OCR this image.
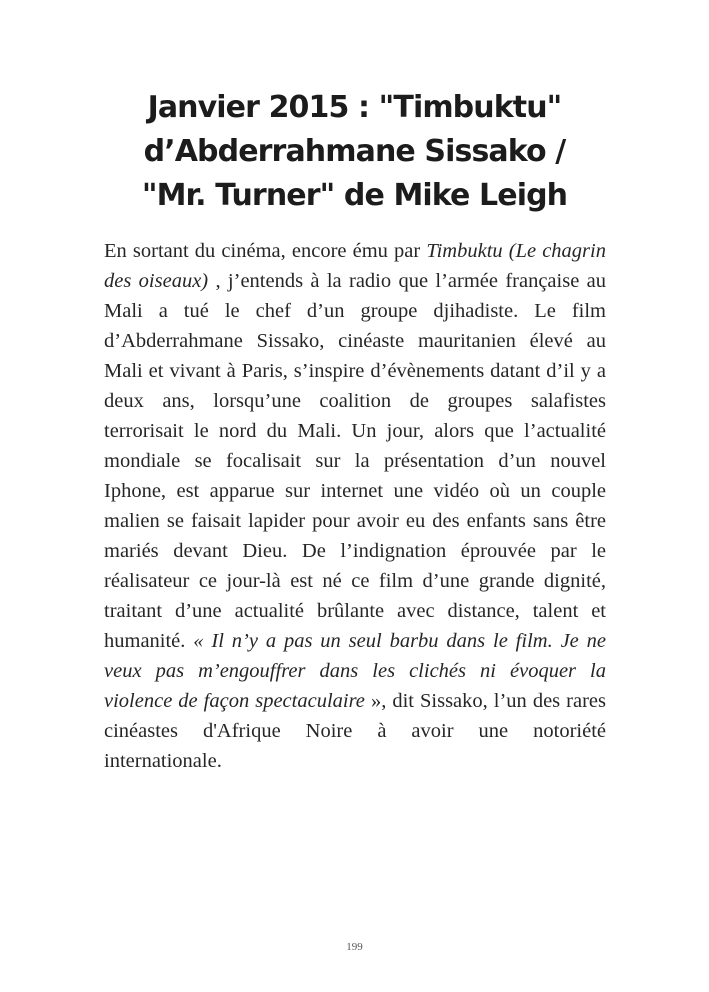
Janvier 2015 : "Timbuktu"
d’Abderrahmane Sissako /
"Mr. Turner" de Mike Leigh

En sortant du cinéma, encore ému par Timbuktu (Le chagrin des oiseaux) , j’entends à la radio que l’armée française au Mali a tué le chef d’un groupe djihadiste. Le film d’Abderrahmane Sissako, cinéaste mauritanien élevé au Mali et vivant à Paris, s’inspire d’évènements datant d’il y a deux ans, lorsqu’une coalition de groupes salafistes terrorisait le nord du Mali. Un jour, alors que l’actualité mondiale se focalisait sur la présentation d’un nouvel Iphone, est apparue sur internet une vidéo où un couple malien se faisait lapider pour avoir eu des enfants sans être mariés devant Dieu. De l’indignation éprouvée par le réalisateur ce jour-là est né ce film d’une grande dignité, traitant d’une actualité brûlante avec distance, talent et humanité. « Il n’y a pas un seul barbu dans le film. Je ne veux pas m’engouffrer dans les clichés ni évoquer la violence de façon spectaculaire », dit Sissako, l’un des rares cinéastes d'Afrique Noire à avoir une notoriété internationale.

199
